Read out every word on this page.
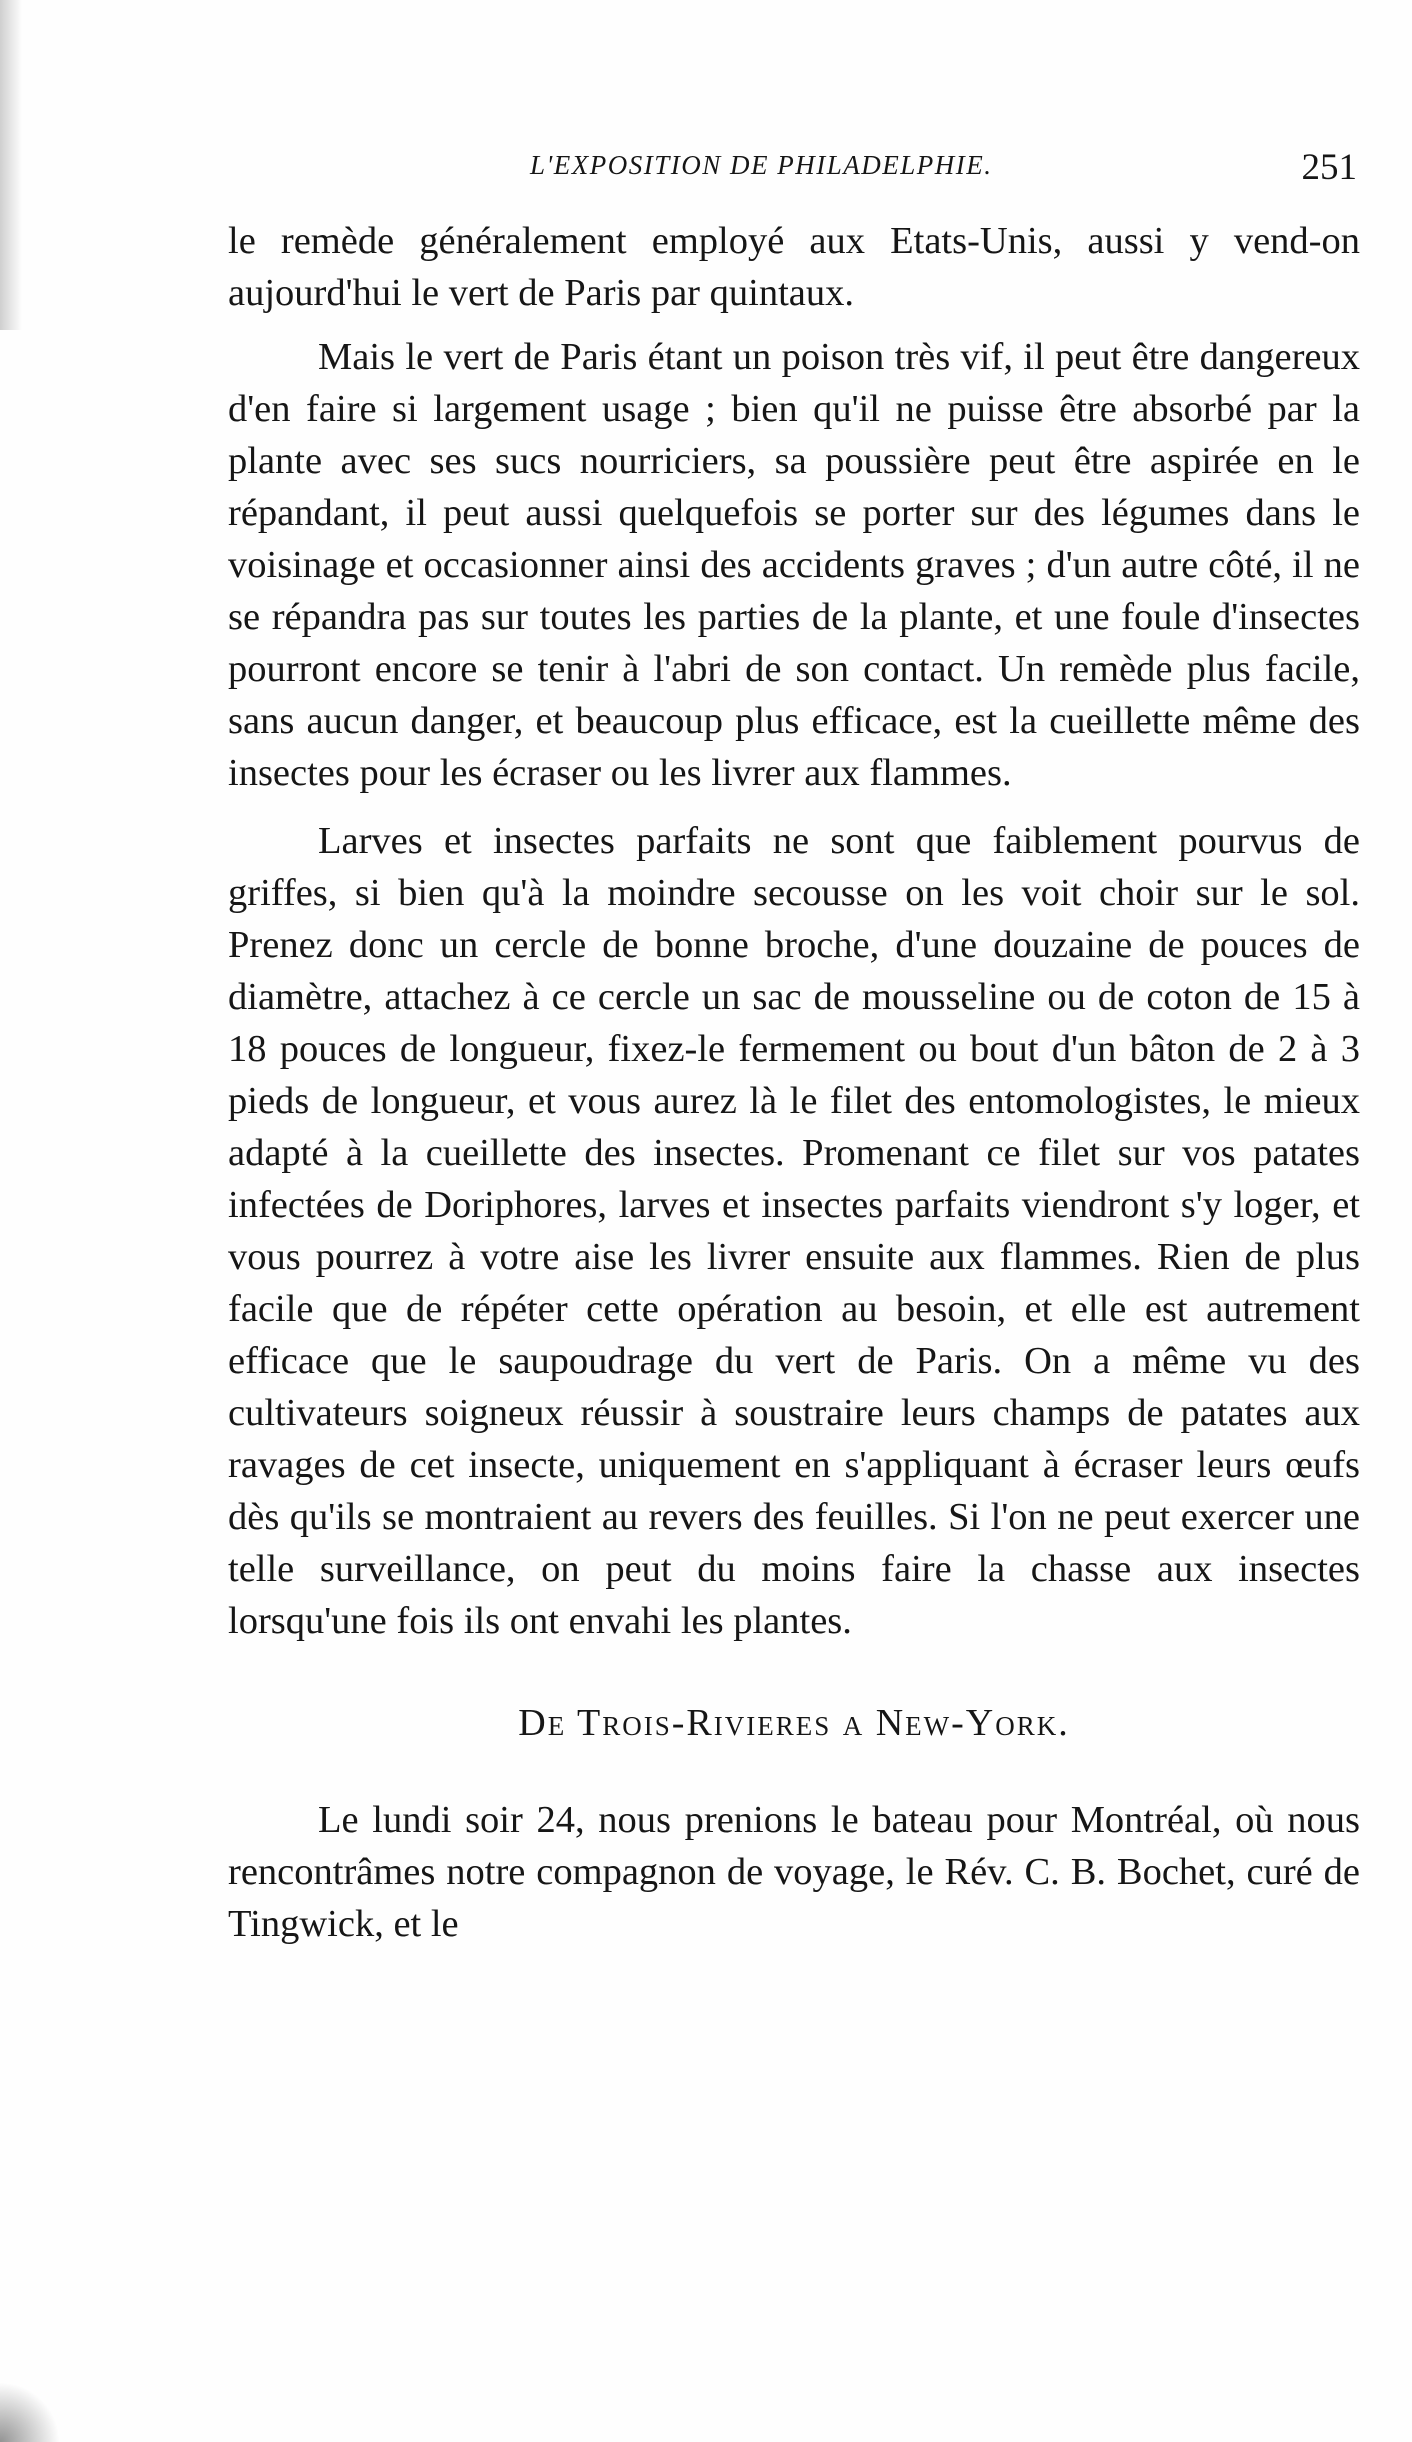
L'EXPOSITION DE PHILADELPHIE.	251

le remède généralement employé aux Etats-Unis, aussi y vend-on aujourd'hui le vert de Paris par quintaux.

Mais le vert de Paris étant un poison très vif, il peut être dangereux d'en faire si largement usage ; bien qu'il ne puisse être absorbé par la plante avec ses sucs nourriciers, sa poussière peut être aspirée en le répandant, il peut aussi quelquefois se porter sur des légumes dans le voisinage et occasionner ainsi des accidents graves ; d'un autre côté, il ne se répandra pas sur toutes les parties de la plante, et une foule d'insectes pourront encore se tenir à l'abri de son contact. Un remède plus facile, sans aucun danger, et beaucoup plus efficace, est la cueillette même des insectes pour les écraser ou les livrer aux flammes.

Larves et insectes parfaits ne sont que faiblement pourvus de griffes, si bien qu'à la moindre secousse on les voit choir sur le sol. Prenez donc un cercle de bonne broche, d'une douzaine de pouces de diamètre, attachez à ce cercle un sac de mousseline ou de coton de 15 à 18 pouces de longueur, fixez-le fermement ou bout d'un bâton de 2 à 3 pieds de longueur, et vous aurez là le filet des entomologistes, le mieux adapté à la cueillette des insectes. Promenant ce filet sur vos patates infectées de Doriphores, larves et insectes parfaits viendront s'y loger, et vous pourrez à votre aise les livrer ensuite aux flammes. Rien de plus facile que de répéter cette opération au besoin, et elle est autrement efficace que le saupoudrage du vert de Paris. On a même vu des cultivateurs soigneux réussir à soustraire leurs champs de patates aux ravages de cet insecte, uniquement en s'appliquant à écraser leurs œufs dès qu'ils se montraient au revers des feuilles. Si l'on ne peut exercer une telle surveillance, on peut du moins faire la chasse aux insectes lorsqu'une fois ils ont envahi les plantes.

De Trois-Rivieres a New-York.

Le lundi soir 24, nous prenions le bateau pour Montréal, où nous rencontrâmes notre compagnon de voyage, le Rév. C. B. Bochet, curé de Tingwick, et le
